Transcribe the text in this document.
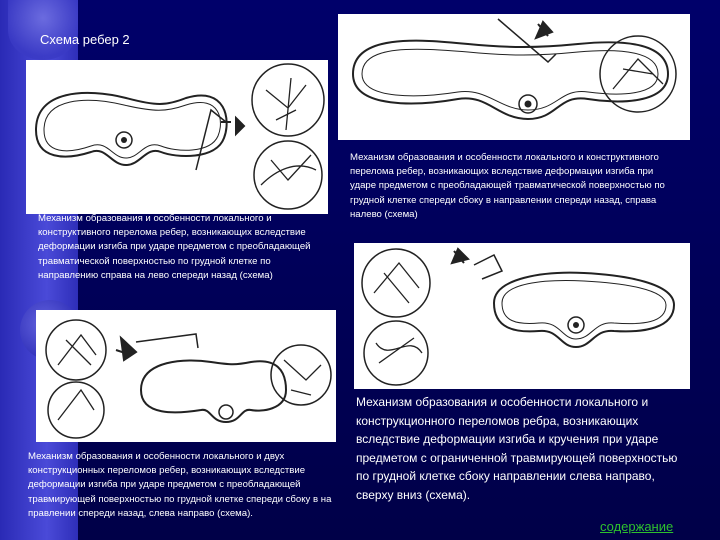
Схема ребер 2
Механизм образования и особенности локального и конструктивного перелома ребер, возникающих вследствие деформации изгиба при ударе предметом с преобладающей травматической поверхностью по грудной клетке по направлению справа на лево спереди назад (схема)
Механизм образования и особенности локального и конструктивного перелома ребер, возникающих вследствие деформации изгиба при ударе предметом с преобладающей травматической поверхностью по грудной клетке спереди сбоку в направлении спереди назад, справа налево (схема)
Механизм образования и особенности локального и двух конструкционных переломов ребер, возникающих вследствие деформации изгиба при ударе предметом с преобладающей травмирующей поверхностью по грудной клетке спереди сбоку в на правлении спереди назад, слева направо (схема).
Механизм образования и особенности локального и конструкционного переломов ребра, возникающих вследствие деформации изгиба и кручения при ударе предметом с ограниченной травмирующей поверхностью по грудной клетке сбоку направлении слева направо, сверху вниз (схема).
содержание
